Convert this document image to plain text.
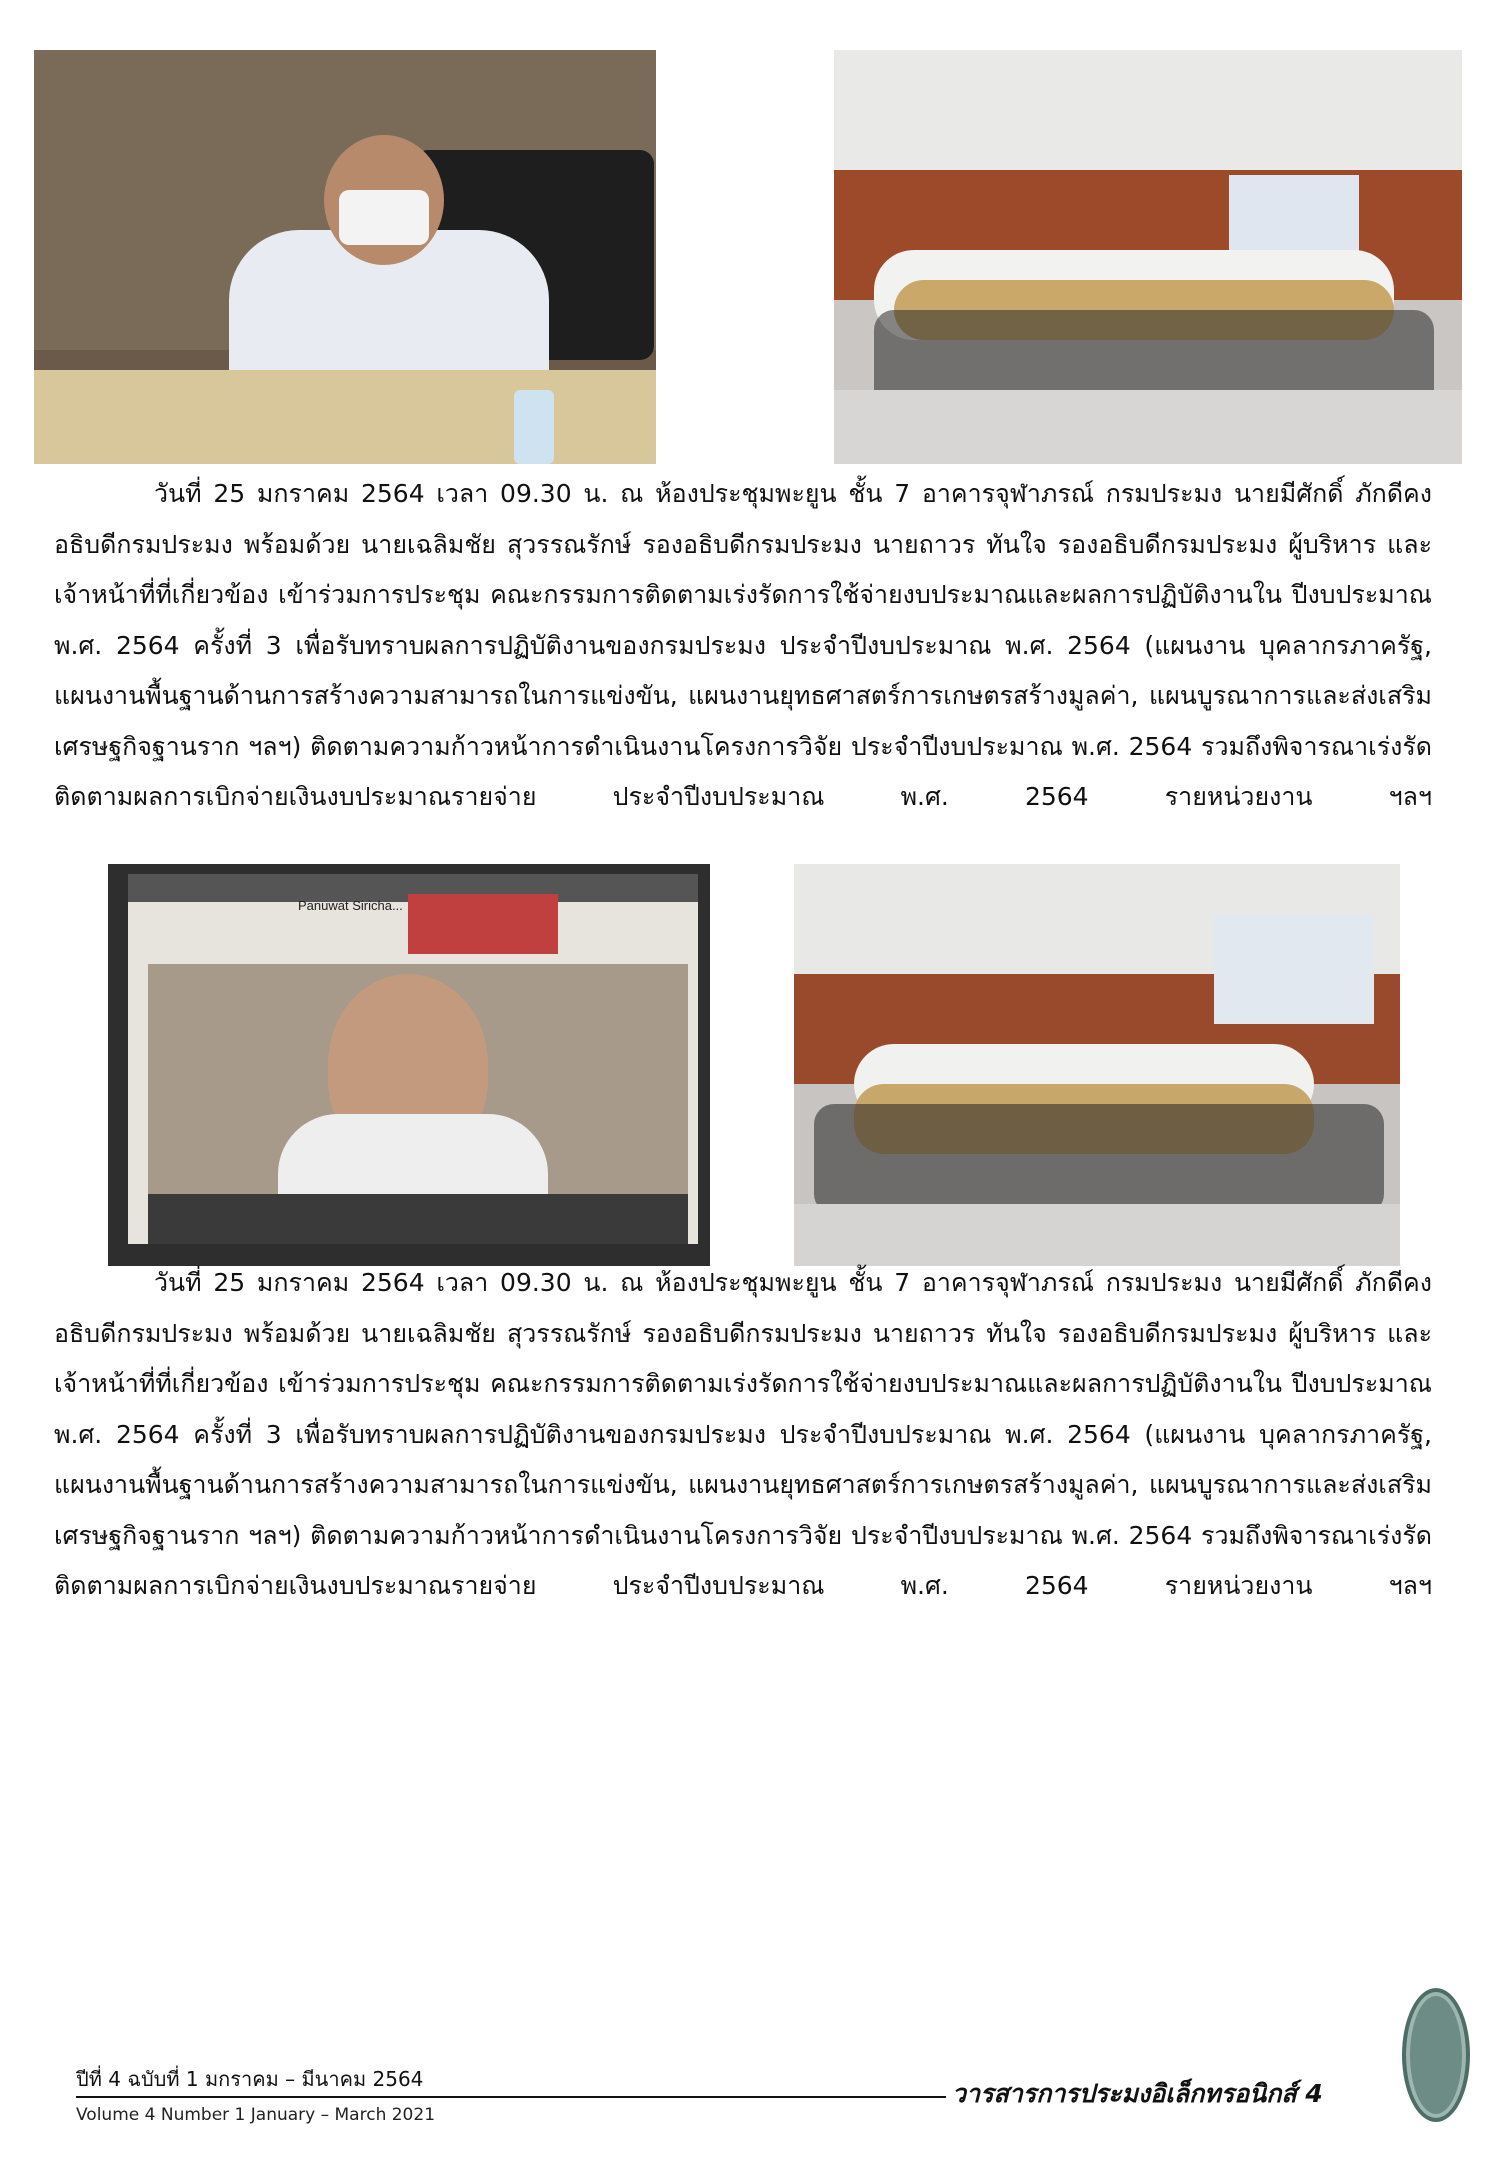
วันที่ 25 มกราคม 2564 เวลา 09.30 น. ณ ห้องประชุมพะยูน ชั้น 7 อาคารจุฬาภรณ์ กรมประมง นายมีศักดิ์ ภักดีคง อธิบดีกรมประมง พร้อมด้วย นายเฉลิมชัย สุวรรณรักษ์ รองอธิบดีกรมประมง นายถาวร ทันใจ รองอธิบดีกรมประมง ผู้บริหาร และเจ้าหน้าที่ที่เกี่ยวข้อง เข้าร่วมการประชุม คณะกรรมการติดตามเร่งรัดการใช้จ่ายงบประมาณและผลการปฏิบัติงานใน ปีงบประมาณ พ.ศ. 2564 ครั้งที่ 3 เพื่อรับทราบผลการปฏิบัติงานของกรมประมง ประจำปีงบประมาณ พ.ศ. 2564 (แผนงาน บุคลากรภาครัฐ, แผนงานพื้นฐานด้านการสร้างความสามารถในการแข่งขัน, แผนงานยุทธศาสตร์การเกษตรสร้างมูลค่า, แผนบูรณาการและส่งเสริมเศรษฐกิจฐานราก ฯลฯ) ติดตามความก้าวหน้าการดำเนินงานโครงการวิจัย ประจำปีงบประมาณ พ.ศ. 2564 รวมถึงพิจารณาเร่งรัดติดตามผลการเบิกจ่ายเงินงบประมาณรายจ่าย ประจำปีงบประมาณ พ.ศ. 2564 รายหน่วยงาน ฯลฯ

Panuwat Siricha...

วันที่ 25 มกราคม 2564 เวลา 09.30 น. ณ ห้องประชุมพะยูน ชั้น 7 อาคารจุฬาภรณ์ กรมประมง นายมีศักดิ์ ภักดีคง อธิบดีกรมประมง พร้อมด้วย นายเฉลิมชัย สุวรรณรักษ์ รองอธิบดีกรมประมง นายถาวร ทันใจ รองอธิบดีกรมประมง ผู้บริหาร และเจ้าหน้าที่ที่เกี่ยวข้อง เข้าร่วมการประชุม คณะกรรมการติดตามเร่งรัดการใช้จ่ายงบประมาณและผลการปฏิบัติงานใน ปีงบประมาณ พ.ศ. 2564 ครั้งที่ 3 เพื่อรับทราบผลการปฏิบัติงานของกรมประมง ประจำปีงบประมาณ พ.ศ. 2564 (แผนงาน บุคลากรภาครัฐ, แผนงานพื้นฐานด้านการสร้างความสามารถในการแข่งขัน, แผนงานยุทธศาสตร์การเกษตรสร้างมูลค่า, แผนบูรณาการและส่งเสริมเศรษฐกิจฐานราก ฯลฯ) ติดตามความก้าวหน้าการดำเนินงานโครงการวิจัย ประจำปีงบประมาณ พ.ศ. 2564 รวมถึงพิจารณาเร่งรัดติดตามผลการเบิกจ่ายเงินงบประมาณรายจ่าย ประจำปีงบประมาณ พ.ศ. 2564 รายหน่วยงาน ฯลฯ

ปีที่ 4 ฉบับที่ 1 มกราคม – มีนาคม 2564
Volume 4 Number 1 January – March 2021
วารสารการประมงอิเล็กทรอนิกส์ 4
